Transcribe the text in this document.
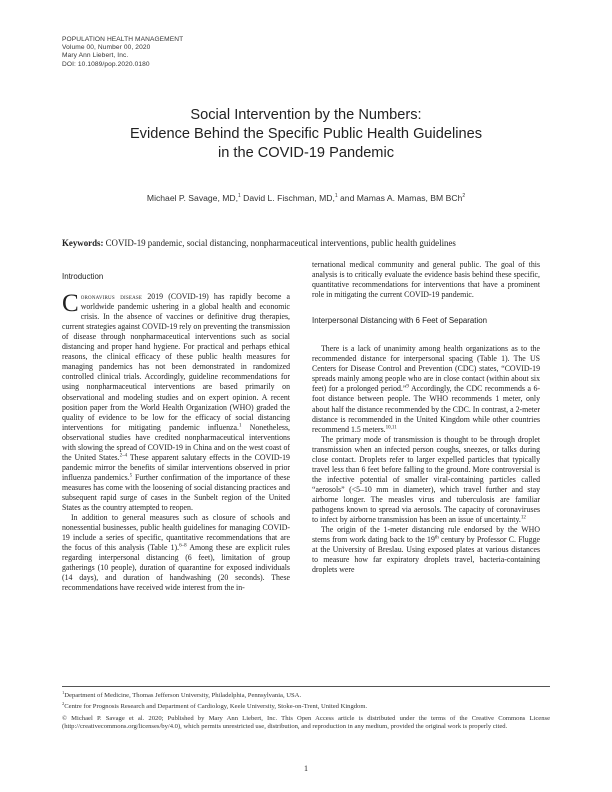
POPULATION HEALTH MANAGEMENT
Volume 00, Number 00, 2020
Mary Ann Liebert, Inc.
DOI: 10.1089/pop.2020.0180
Social Intervention by the Numbers:
Evidence Behind the Specific Public Health Guidelines
in the COVID-19 Pandemic
Michael P. Savage, MD,$^1$ David L. Fischman, MD,$^1$ and Mamas A. Mamas, BM BCh$^2$
Keywords: COVID-19 pandemic, social distancing, nonpharmaceutical interventions, public health guidelines
Introduction

Coronavirus disease 2019 (COVID-19) has rapidly become a worldwide pandemic ushering in a global health and economic crisis. In the absence of vaccines or definitive drug therapies, current strategies against COVID-19 rely on preventing the transmission of disease through nonpharmaceutical interventions such as social distancing and proper hand hygiene. For practical and perhaps ethical reasons, the clinical efficacy of these public health measures for managing pandemics has not been demonstrated in randomized controlled clinical trials. Accordingly, guideline recommendations for using nonpharmaceutical interventions are based primarily on observational and modeling studies and on expert opinion. A recent position paper from the World Health Organization (WHO) graded the quality of evidence to be low for the efficacy of social distancing interventions for mitigating pandemic influenza.$^1$ Nonetheless, observational studies have credited nonpharmaceutical interventions with slowing the spread of COVID-19 in China and on the west coast of the United States.$^{2-4}$ These apparent salutary effects in the COVID-19 pandemic mirror the benefits of similar interventions observed in prior influenza pandemics.$^5$ Further confirmation of the importance of these measures has come with the loosening of social distancing practices and subsequent rapid surge of cases in the Sunbelt region of the United States as the country attempted to reopen.

In addition to general measures such as closure of schools and nonessential businesses, public health guidelines for managing COVID-19 include a series of specific, quantitative recommendations that are the focus of this analysis (Table 1).$^{6-8}$ Among these are explicit rules regarding interpersonal distancing (6 feet), limitation of group gatherings (10 people), duration of quarantine for exposed individuals (14 days), and duration of handwashing (20 seconds). These recommendations have received wide interest from the in-

ternational medical community and general public. The goal of this analysis is to critically evaluate the evidence basis behind these specific, quantitative recommendations for interventions that have a prominent role in mitigating the current COVID-19 pandemic.

Interpersonal Distancing with 6 Feet of Separation

There is a lack of unanimity among health organizations as to the recommended distance for interpersonal spacing (Table 1). The US Centers for Disease Control and Prevention (CDC) states, “COVID-19 spreads mainly among people who are in close contact (within about six feet) for a prolonged period.”$^9$ Accordingly, the CDC recommends a 6-foot distance between people. The WHO recommends 1 meter, only about half the distance recommended by the CDC. In contrast, a 2-meter distance is recommended in the United Kingdom while other countries recommend 1.5 meters.$^{10,11}$

The primary mode of transmission is thought to be through droplet transmission when an infected person coughs, sneezes, or talks during close contact. Droplets refer to larger expelled particles that typically travel less than 6 feet before falling to the ground. More controversial is the infective potential of smaller viral-containing particles called “aerosols” (<5–10 mm in diameter), which travel further and stay airborne longer. The measles virus and tuberculosis are familiar pathogens known to spread via aerosols. The capacity of coronaviruses to infect by airborne transmission has been an issue of uncertainty.$^{12}$

The origin of the 1-meter distancing rule endorsed by the WHO stems from work dating back to the 19th century by Professor C. Flugge at the University of Breslau. Using exposed plates at various distances to measure how far expiratory droplets travel, bacteria-containing droplets were

$^1$Department of Medicine, Thomas Jefferson University, Philadelphia, Pennsylvania, USA.
$^2$Centre for Prognosis Research and Department of Cardiology, Keele University, Stoke-on-Trent, United Kingdom.

© Michael P. Savage et al. 2020; Published by Mary Ann Liebert, Inc. This Open Access article is distributed under the terms of the Creative Commons License (http://creativecommons.org/licenses/by/4.0), which permits unrestricted use, distribution, and reproduction in any medium, provided the original work is properly cited.

1
